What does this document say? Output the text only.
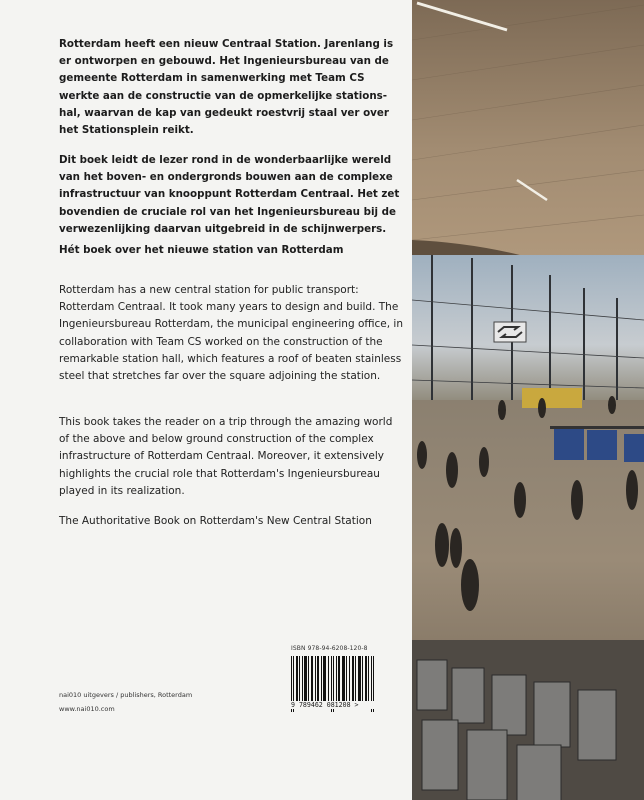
Rotterdam heeft een nieuw Centraal Station. Jarenlang is er ontworpen en gebouwd. Het Ingenieursbureau van de gemeente Rotterdam in samenwerking met Team CS werkte aan de constructie van de opmerkelijke stations-hal, waarvan de kap van gedeukt roestvrij staal ver over het Stationsplein reikt.

Dit boek leidt de lezer rond in de wonderbaarlijke wereld van het boven- en ondergronds bouwen aan de complexe infrastructuur van knooppunt Rotterdam Centraal. Het zet bovendien de cruciale rol van het Ingenieursbureau bij de verwezenlijking daarvan uitgebreid in de schijnwerpers.

Hét boek over het nieuwe station van Rotterdam

Rotterdam has a new central station for public transport: Rotterdam Centraal. It took many years to design and build. The Ingenieursbureau Rotterdam, the municipal engineering office, in collaboration with Team CS worked on the construction of the remarkable station hall, which features a roof of beaten stainless steel that stretches far over the square adjoining the station.

This book takes the reader on a trip through the amazing world of the above and below ground construction of the complex infrastructure of Rotterdam Centraal. Moreover, it extensively highlights the crucial role that Rotterdam's Ingenieursbureau played in its realization.

The Authoritative Book on Rotterdam's New Central Station

nai010 uitgevers / publishers, Rotterdam
www.nai010.com
ISBN 978-94-6208-120-8
9 789462 081208 >
